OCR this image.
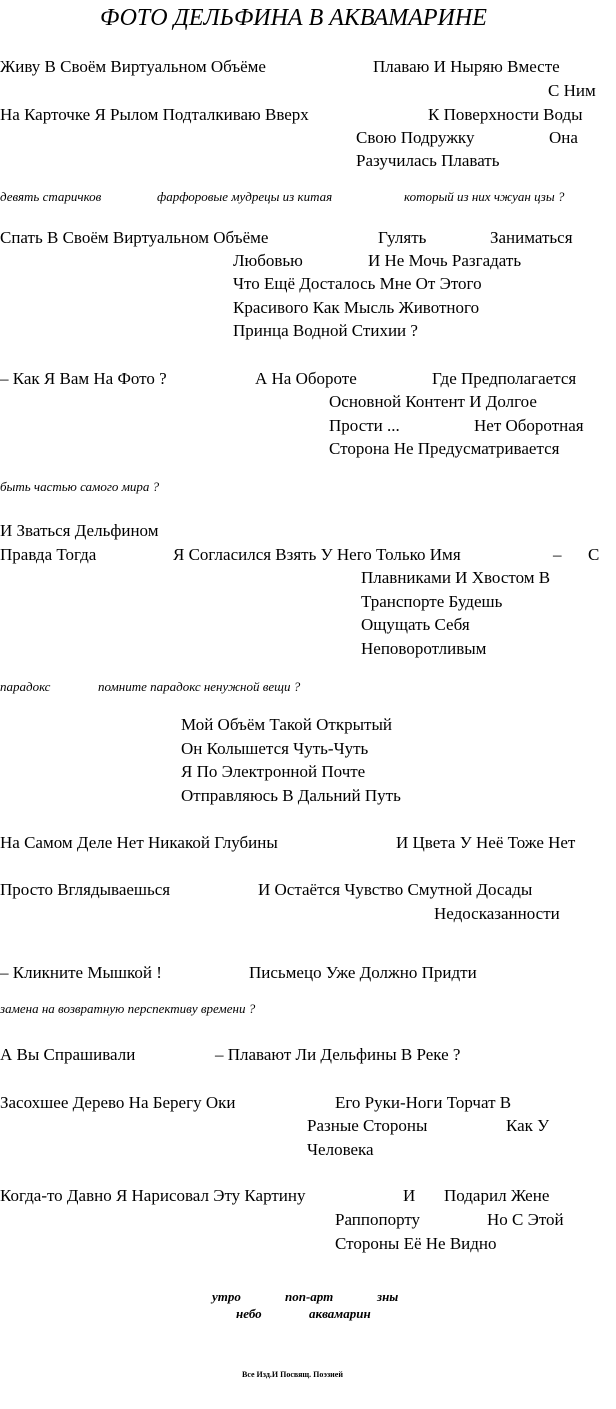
ФОТО ДЕЛЬФИНА В АКВАМАРИНЕ
Живу В Своём Виртуальном Объёме	Плаваю И Ныряю Вместе
С Ним
На Карточке Я Рылом Подталкиваю Вверх	К Поверхности Воды
Свою Подружку	Она
Разучилась Плавать
девять старичков	фарфоровые мудрецы из китая	который из них чжуан цзы ?
Спать В Своём Виртуальном Объёме	Гулять	Заниматься
Любовью	И Не Мочь Разгадать
Что Ещё Досталось Мне От Этого
Красивого Как Мысль Животного
Принца Водной Стихии ?
– Как Я Вам На Фото ?	А На Обороте	Где Предполагается
Основной Контент И Долгое
Прости ...	Нет Оборотная
Сторона Не Предусматривается
быть частью самого мира ?
И Зваться Дельфином
Правда Тогда	Я Согласился Взять У Него Только Имя	– С
Плавниками И Хвостом В
Транспорте Будешь
Ощущать Себя
Неповоротливым
парадокс	помните парадокс ненужной вещи ?
Мой Объём Такой Открытый
Он Колышется Чуть-Чуть
Я По Электронной Почте
Отправляюсь В Дальний Путь
На Самом Деле Нет Никакой Глубины	И Цвета У Неё Тоже Нет
Просто Вглядываешься	И Остаётся Чувство Смутной Досады
Недосказанности
– Кликните Мышкой !	Письмецо Уже Должно Придти
замена на возвратную перспективу времени ?
А Вы Спрашивали	– Плавают Ли Дельфины В Реке ?
Засохшее Дерево На Берегу Оки	Его Руки-Ноги Торчат В
Разные Стороны	Как У
Человека
Когда-то Давно Я Нарисовал Эту Картину	И Подарил Жене
Раппопорту	Но С Этой
Стороны Её Не Видно
утро	поп-арт	зны
небо	аквамарин
Все Изд.И Посвящ. Поэзией
